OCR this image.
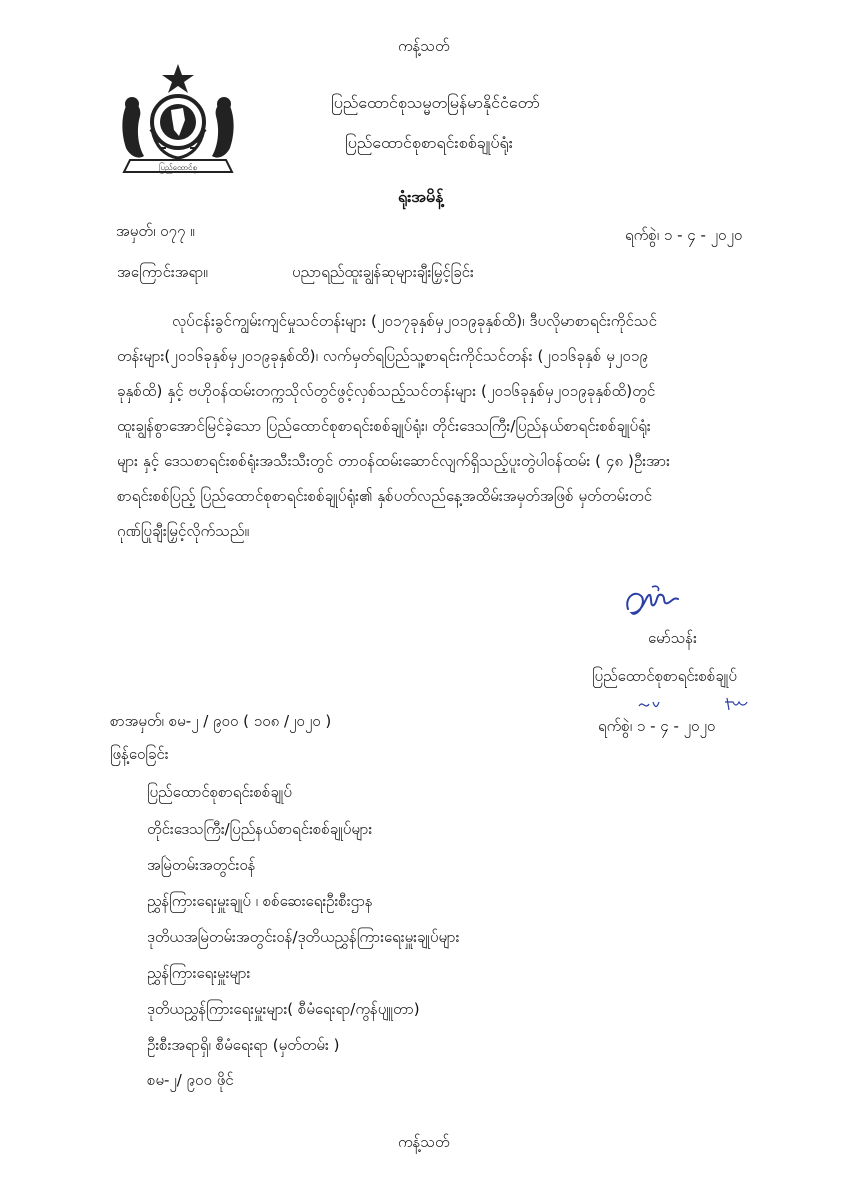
ကန့်သတ်
ပြည်ထောင်စု
ပြည်ထောင်စုသမ္မတမြန်မာနိုင်ငံတော်
ပြည်ထောင်စုစာရင်းစစ်ချုပ်ရုံး
ရုံးအမိန့်
အမှတ်၊ ၀၇၇ ။	ရက်စွဲ၊ ၁ - ၄ - ၂၀၂၀
အကြောင်းအရာ။	ပညာရည်ထူးချွန်ဆုများချီးမြှင့်ခြင်း
လုပ်ငန်းခွင်ကျွမ်းကျင်မှုသင်တန်းများ (၂၀၁၇ခုနှစ်မှ၂၀၁၉ခုနှစ်ထိ)၊ ဒီပလိုမာစာရင်းကိုင်သင်
တန်းများ(၂၀၁၆ခုနှစ်မှ၂၀၁၉ခုနှစ်ထိ)၊ လက်မှတ်ရပြည်သူ့စာရင်းကိုင်သင်တန်း (၂၀၁၆ခုနှစ် မှ၂၀၁၉
ခုနှစ်ထိ) နှင့် ဗဟိုဝန်ထမ်းတက္ကသိုလ်တွင်ဖွင့်လှစ်သည့်သင်တန်းများ (၂၀၁၆ခုနှစ်မှ၂၀၁၉ခုနှစ်ထိ)တွင်
ထူးချွန်စွာအောင်မြင်ခဲ့သော ပြည်ထောင်စုစာရင်းစစ်ချုပ်ရုံး၊ တိုင်းဒေသကြီး/ပြည်နယ်စာရင်းစစ်ချုပ်ရုံး
များ နှင့် ဒေသစာရင်းစစ်ရုံးအသီးသီးတွင် တာဝန်ထမ်းဆောင်လျက်ရှိသည့်ပူးတွဲပါဝန်ထမ်း ( ၄၈ )ဦးအား
စာရင်းစစ်ပြည့် ပြည်ထောင်စုစာရင်းစစ်ချုပ်ရုံး၏ နှစ်ပတ်လည်နေ့အထိမ်းအမှတ်အဖြစ် မှတ်တမ်းတင်
ဂုဏ်ပြုချီးမြှင့်လိုက်သည်။
မော်သန်း
ပြည်ထောင်စုစာရင်းစစ်ချုပ်
စာအမှတ်၊ စမ-၂ / ၉၀၀ ( ၁၀၈ /၂၀၂၀ )	ရက်စွဲ၊ ၁ - ၄ - ၂၀၂၀
ဖြန့်ဝေခြင်း
ပြည်ထောင်စုစာရင်းစစ်ချုပ်
တိုင်းဒေသကြီး/ပြည်နယ်စာရင်းစစ်ချုပ်များ
အမြဲတမ်းအတွင်းဝန်
ညွှန်ကြားရေးမှူးချုပ် ၊ စစ်ဆေးရေးဦးစီးဌာန
ဒုတိယအမြဲတမ်းအတွင်းဝန်/ဒုတိယညွှန်ကြားရေးမှူးချုပ်များ
ညွှန်ကြားရေးမှူးများ
ဒုတိယညွှန်ကြားရေးမှူးများ( စီမံရေးရာ/ကွန်ပျူတာ)
ဦးစီးအရာရှိ၊ စီမံရေးရာ (မှတ်တမ်း )
စမ-၂/ ၉၀၀ ဖိုင်
ကန့်သတ်
